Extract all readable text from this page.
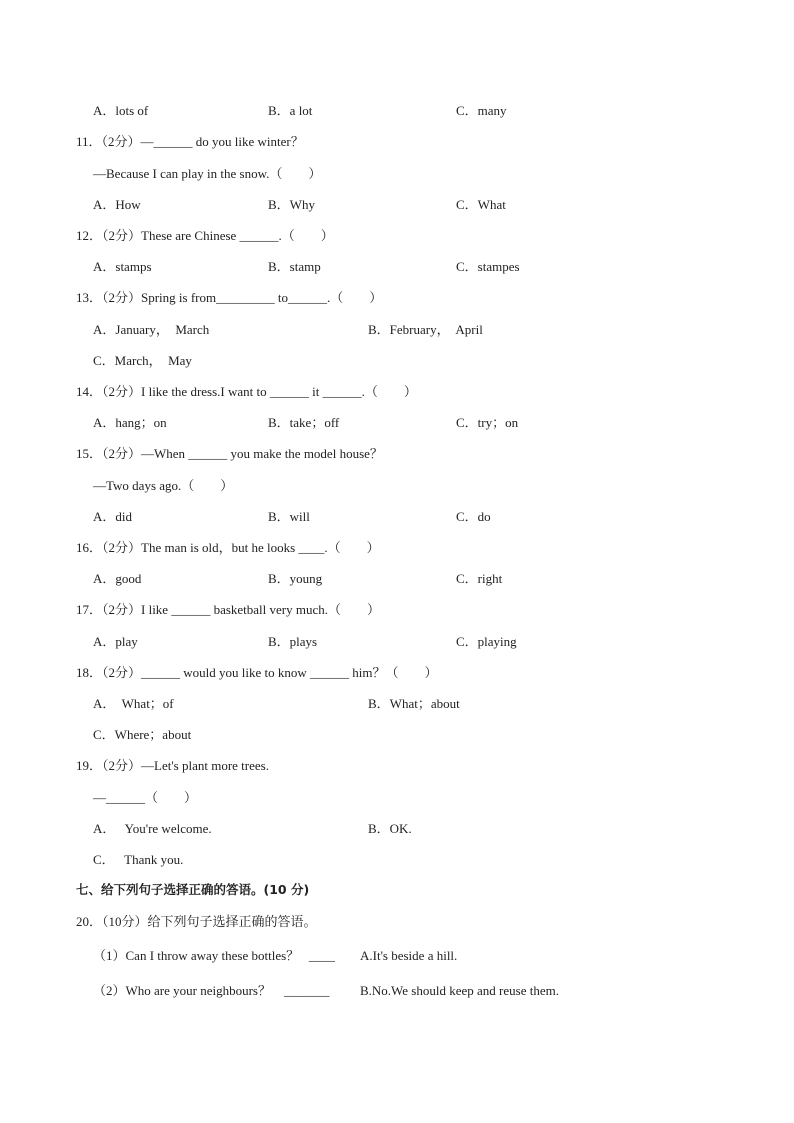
A．lots of	B．a lot	C．many
11．（2分）—______ do you like winter？
—Because I can play in the snow.（　　）
A．How	B．Why	C．What
12．（2分）These are Chinese ______.（　　）
A．stamps	B．stamp	C．stampes
13．（2分）Spring is from_________ to______.（　　）
A．January，  March	B．February，  April
C．March，  May
14．（2分）I like the dress.I want to ______ it ______.（　　）
A．hang；on	B．take；off	C．try；on
15．（2分）—When ______ you make the model house？
—Two days ago.（　　）
A．did	B．will	C．do
16．（2分）The man is old，but he looks ____.（　　）
A．good	B．young	C．right
17．（2分）I like ______ basketball very much.（　　）
A．play	B．plays	C．playing
18．（2分）______ would you like to know ______ him？（　　）
A．  What；of	B．What；about
C．Where；about
19．（2分）—Let's plant more trees.
—______（　　）
A．   You're welcome.	B．OK.
C．   Thank you.
七、给下列句子选择正确的答语。(10 分)
20．（10分）给下列句子选择正确的答语。
（1）Can I throw away these bottles？   ____ A.It's beside a hill.
（2）Who are your neighbours？    _______ B.No.We should keep and reuse them.
